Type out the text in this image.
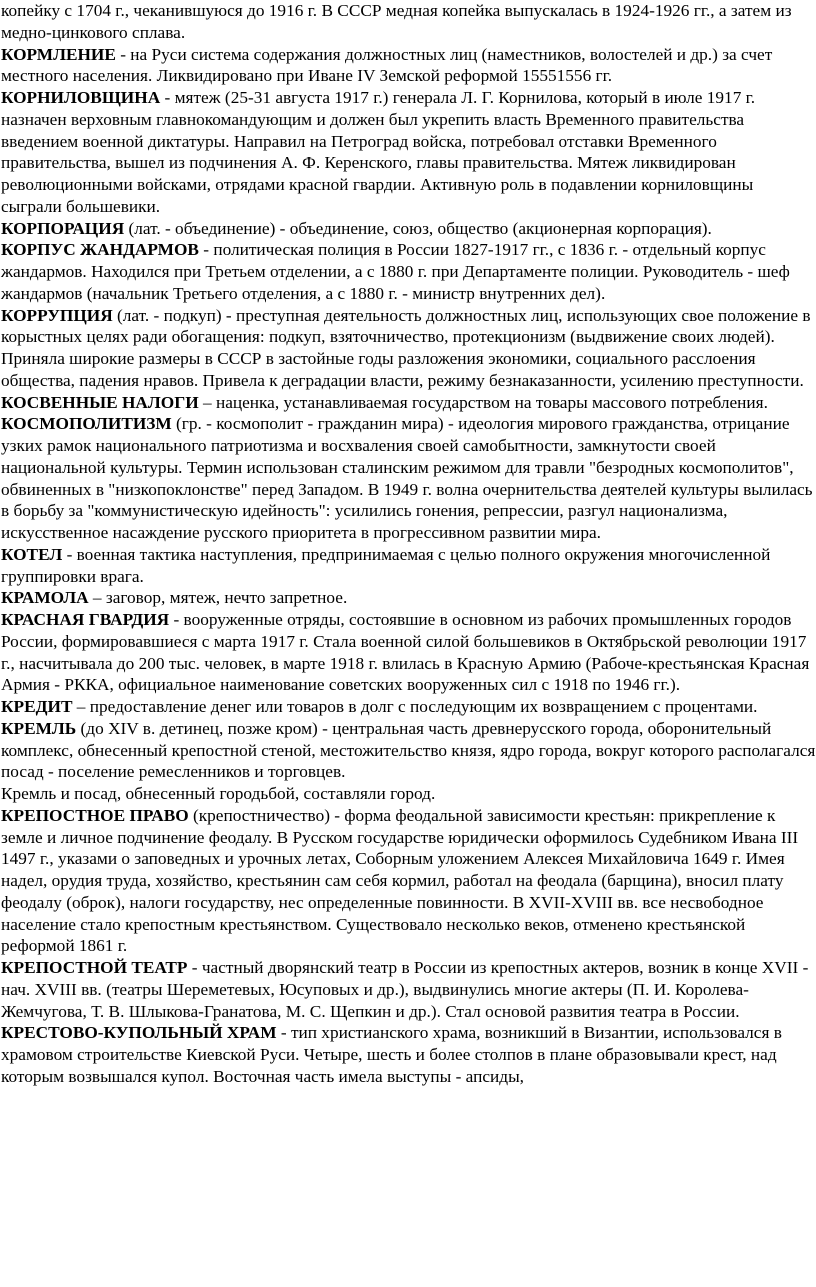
копейку с 1704 г., чеканившуюся до 1916 г. В СССР медная копейка выпускалась в 1924-1926 гг., а затем из медно-цинкового сплава.

КОРМЛЕНИЕ - на Руси система содержания должностных лиц (наместников, волостелей и др.) за счет местного населения. Ликвидировано при Иване IV Земской реформой 15551556 гг.

КОРНИЛОВЩИНА - мятеж (25-31 августа 1917 г.) генерала Л. Г. Корнилова, который в июле 1917 г. назначен верховным главнокомандующим и должен был укрепить власть Временного правительства введением военной диктатуры. Направил на Петроград войска, потребовал отставки Временного правительства, вышел из подчинения А. Ф. Керенского, главы правительства. Мятеж ликвидирован революционными войсками, отрядами красной гвардии. Активную роль в подавлении корниловщины сыграли большевики.

КОРПОРАЦИЯ (лат. - объединение) - объединение, союз, общество (акционерная корпорация).

КОРПУС ЖАНДАРМОВ - политическая полиция в России 1827-1917 гг., с 1836 г. - отдельный корпус жандармов. Находился при Третьем отделении, а с 1880 г. при Департаменте полиции. Руководитель - шеф жандармов (начальник Третьего отделения, а с 1880 г. - министр внутренних дел).

КОРРУПЦИЯ (лат. - подкуп) - преступная деятельность должностных лиц, использующих свое положение в корыстных целях ради обогащения: подкуп, взяточничество, протекционизм (выдвижение своих людей). Приняла широкие размеры в СССР в застойные годы разложения экономики, социального расслоения общества, падения нравов. Привела к деградации власти, режиму безнаказанности, усилению преступности.

КОСВЕННЫЕ НАЛОГИ – наценка, устанавливаемая государством на товары массового потребления.

КОСМОПОЛИТИЗМ (гр. - космополит - гражданин мира) - идеология мирового гражданства, отрицание узких рамок национального патриотизма и восхваления своей самобытности, замкнутости своей национальной культуры. Термин использован сталинским режимом для травли "безродных космополитов", обвиненных в "низкопоклонстве" перед Западом. В 1949 г. волна очернительства деятелей культуры вылилась в борьбу за "коммунистическую идейность": усилились гонения, репрессии, разгул национализма, искусственное насаждение русского приоритета в прогрессивном развитии мира.

КОТЕЛ - военная тактика наступления, предпринимаемая с целью полного окружения многочисленной группировки врага.

КРАМОЛА – заговор, мятеж, нечто запретное.

КРАСНАЯ ГВАРДИЯ - вооруженные отряды, состоявшие в основном из рабочих промышленных городов России, формировавшиеся с марта 1917 г. Стала военной силой большевиков в Октябрьской революции 1917 г., насчитывала до 200 тыс. человек, в марте 1918 г. влилась в Красную Армию (Рабоче-крестьянская Красная Армия - РККА, официальное наименование советских вооруженных сил с 1918 по 1946 гг.).

КРЕДИТ – предоставление денег или товаров в долг с последующим их возвращением с процентами.

КРЕМЛЬ (до XIV в. детинец, позже кром) - центральная часть древнерусского города, оборонительный комплекс, обнесенный крепостной стеной, местожительство князя, ядро города, вокруг которого располагался посад - поселение ремесленников и торговцев.

Кремль и посад, обнесенный городьбой, составляли город.

КРЕПОСТНОЕ ПРАВО (крепостничество) - форма феодальной зависимости крестьян: прикрепление к земле и личное подчинение феодалу. В Русском государстве юридически оформилось Судебником Ивана III 1497 г., указами о заповедных и урочных летах, Соборным уложением Алексея Михайловича 1649 г. Имея надел, орудия труда, хозяйство, крестьянин сам себя кормил, работал на феодала (барщина), вносил плату феодалу (оброк), налоги государству, нес определенные повинности. В XVII-XVIII вв. все несвободное население стало крепостным крестьянством. Существовало несколько веков, отменено крестьянской реформой 1861 г.

КРЕПОСТНОЙ ТЕАТР - частный дворянский театр в России из крепостных актеров, возник в конце XVII - нач. XVIII вв. (театры Шереметевых, Юсуповых и др.), выдвинулись многие актеры (П. И. Королева-Жемчугова, Т. В. Шлыкова-Гранатова, М. С. Щепкин и др.). Стал основой развития театра в России.

КРЕСТОВО-КУПОЛЬНЫЙ ХРАМ - тип христианского храма, возникший в Византии, использовался в храмовом строительстве Киевской Руси. Четыре, шесть и более столпов в плане образовывали крест, над которым возвышался купол. Восточная часть имела выступы - апсиды,
